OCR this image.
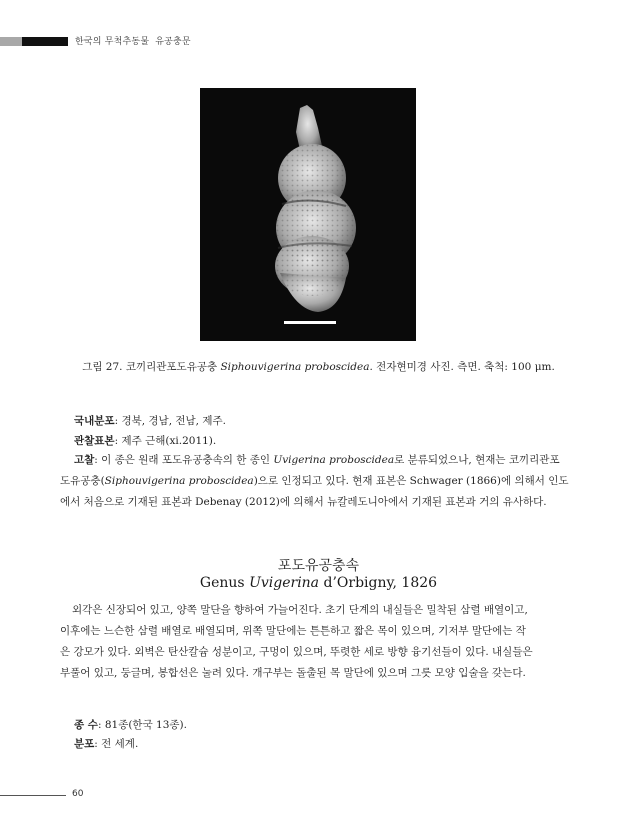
한국의 무척추동물 유공충문
그림 27. 코끼리관포도유공충 Siphouvigerina proboscidea. 전자현미경 사진. 측면. 축척: 100 μm.
국내분포: 경북, 경남, 전남, 제주.
관찰표본: 제주 근해(xi.2011).
고찰: 이 종은 원래 포도유공충속의 한 종인 Uvigerina proboscidea로 분류되었으나, 현재는 코끼리관포
도유공충(Siphouvigerina proboscidea)으로 인정되고 있다. 현재 표본은 Schwager (1866)에 의해서 인도
에서 처음으로 기재된 표본과 Debenay (2012)에 의해서 뉴칼레도니아에서 기재된 표본과 거의 유사하다.
포도유공충속
Genus Uvigerina d’Orbigny, 1826
외각은 신장되어 있고, 양쪽 말단을 향하여 가늘어진다. 초기 단계의 내실들은 밀착된 삼렬 배열이고,
이후에는 느슨한 삼렬 배열로 배열되며, 위쪽 말단에는 튼튼하고 짧은 목이 있으며, 기저부 말단에는 작
은 강모가 있다. 외벽은 탄산칼슘 성분이고, 구멍이 있으며, 뚜렷한 세로 방향 융기선들이 있다. 내실들은
부풀어 있고, 둥글며, 봉합선은 눌려 있다. 개구부는 돌출된 목 말단에 있으며 그릇 모양 입술을 갖는다.
종 수: 81종(한국 13종).
분포: 전 세계.
60
